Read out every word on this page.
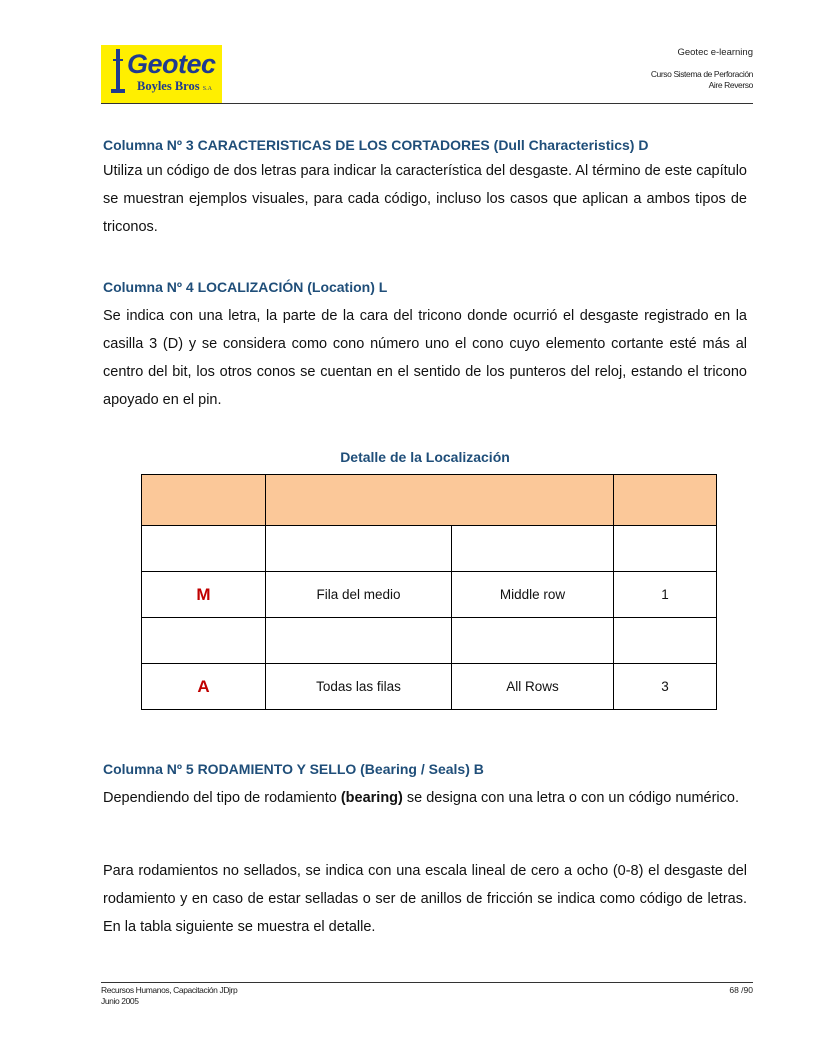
Geotec
Boyles Bros S.A
Geotec e-learning
Curso Sistema de Perforación
Aire Reverso
Columna Nº 3 CARACTERISTICAS DE LOS CORTADORES (Dull Characteristics) D
Utiliza un código de dos letras para indicar la característica del desgaste. Al término de este capítulo se muestran ejemplos visuales, para cada código, incluso los casos que aplican a ambos tipos de triconos.
Columna Nº 4 LOCALIZACIÓN (Location) L
Se indica con una letra, la parte de la cara del tricono donde ocurrió el desgaste registrado en la casilla 3 (D) y se considera como cono número uno el cono cuyo elemento cortante esté más al centro del bit, los otros conos se cuentan en el sentido de los punteros del reloj, estando el tricono apoyado en el pin.
Detalle de la Localización

M	Fila del medio	Middle row	1

A	Todas las filas	All Rows	3
Columna Nº 5 RODAMIENTO Y SELLO (Bearing / Seals) B
Dependiendo del tipo de rodamiento (bearing) se designa con una letra o con un código numérico.
Para rodamientos no sellados, se indica con una escala lineal de cero a ocho (0-8) el desgaste del rodamiento y en caso de estar selladas o ser de anillos de fricción se indica como código de letras. En la tabla siguiente se muestra el detalle.
Recursos Humanos, Capacitación JDjrp
Junio 2005
68 /90
